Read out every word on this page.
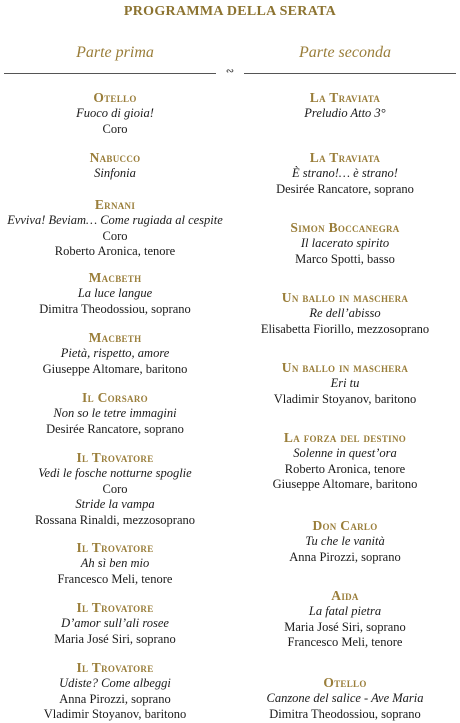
PROGRAMMA DELLA SERATA
Parte prima	Parte seconda
∾
Otello
Fuoco di gioia!
Coro
Nabucco
Sinfonia
Ernani
Evviva! Beviam… Come rugiada al cespite
Coro
Roberto Aronica, tenore
Macbeth
La luce langue
Dimitra Theodossiou, soprano
Macbeth
Pietà, rispetto, amore
Giuseppe Altomare, baritono
Il Corsaro
Non so le tetre immagini
Desirée Rancatore, soprano
Il Trovatore
Vedi le fosche notturne spoglie
Coro
Stride la vampa
Rossana Rinaldi, mezzosoprano
Il Trovatore
Ah sì ben mio
Francesco Meli, tenore
Il Trovatore
D’amor sull’ali rosee
Maria José Siri, soprano
Il Trovatore
Udiste? Come albeggi
Anna Pirozzi, soprano
Vladimir Stoyanov, baritono
La Traviata
Preludio Atto 3°
La Traviata
È strano!… è strano!
Desirée Rancatore, soprano
Simon Boccanegra
Il lacerato spirito
Marco Spotti, basso
Un ballo in maschera
Re dell’abisso
Elisabetta Fiorillo, mezzosoprano
Un ballo in maschera
Eri tu
Vladimir Stoyanov, baritono
La forza del destino
Solenne in quest’ora
Roberto Aronica, tenore
Giuseppe Altomare, baritono
Don Carlo
Tu che le vanità
Anna Pirozzi, soprano
Aida
La fatal pietra
Maria José Siri, soprano
Francesco Meli, tenore
Otello
Canzone del salice - Ave Maria
Dimitra Theodossiou, soprano
